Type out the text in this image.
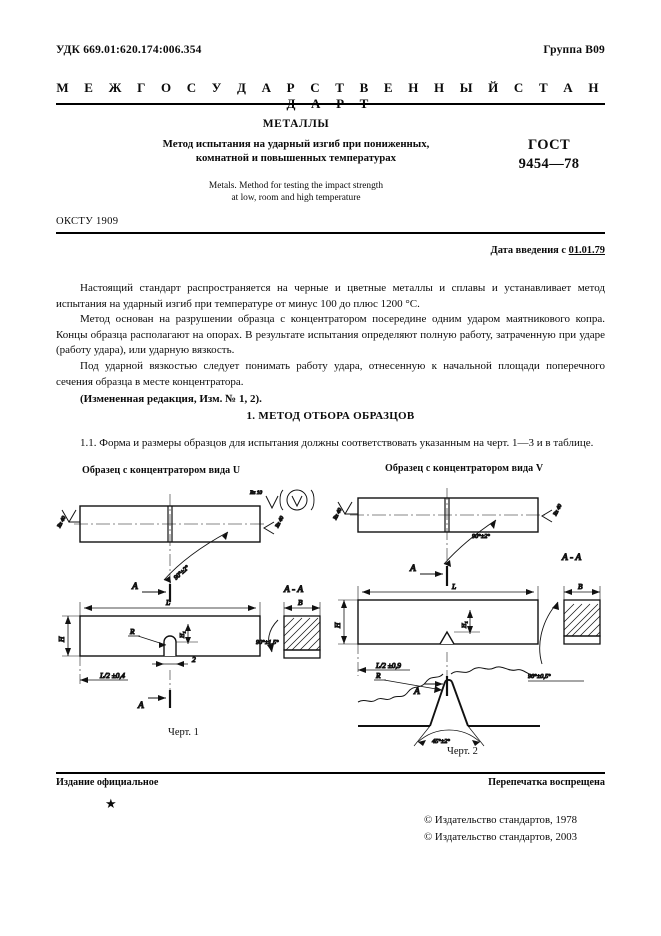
УДК 669.01:620.174:006.354	Группа В09
М Е Ж Г О С У Д А Р С Т В Е Н Н Ы Й С Т А Н Д А Р Т
МЕТАЛЛЫ
Метод испытания на ударный изгиб при пониженных,
комнатной и повышенных температурах
Metals. Method for testing the impact strength
at low, room and high temperature
ГОСТ
9454—78
ОКСТУ 1909
Дата введения с 01.01.79

Настоящий стандарт распространяется на черные и цветные металлы и сплавы и устанавливает метод испытания на ударный изгиб при температуре от минус 100 до плюс 1200 °С.

Метод основан на разрушении образца с концентратором посередине одним ударом маятникового копра. Концы образца располагают на опорах. В результате испытания определяют полную работу, затраченную при ударе (работу удара), или ударную вязкость.

Под ударной вязкостью следует понимать работу удара, отнесенную к начальной площади поперечного сечения образца в месте концентратора.

(Измененная редакция, Изм. № 1, 2).

1. МЕТОД ОТБОРА ОБРАЗЦОВ

1.1. Форма и размеры образцов для испытания должны соответствовать указанным на черт. 1—3 и в таблице.

Образец с концентратором вида U	Образец с концентратором вида V
Rz 10
Rz 40	Rz 40
90°±2°
A
L
H
R	H₁
2
L/2 ±0,4
A
A - A
B
90°±1,5°
Черт. 1
Rz 40	Rz 40
90°±2°
A
L
H	H₁
L/2 ±0,9
A
A - A
B
90°±0,5°
R
45°±2°
Черт. 2
Издание официальное	Перепечатка воспрещена
★
© Издательство стандартов, 1978
© Издательство стандартов, 2003
